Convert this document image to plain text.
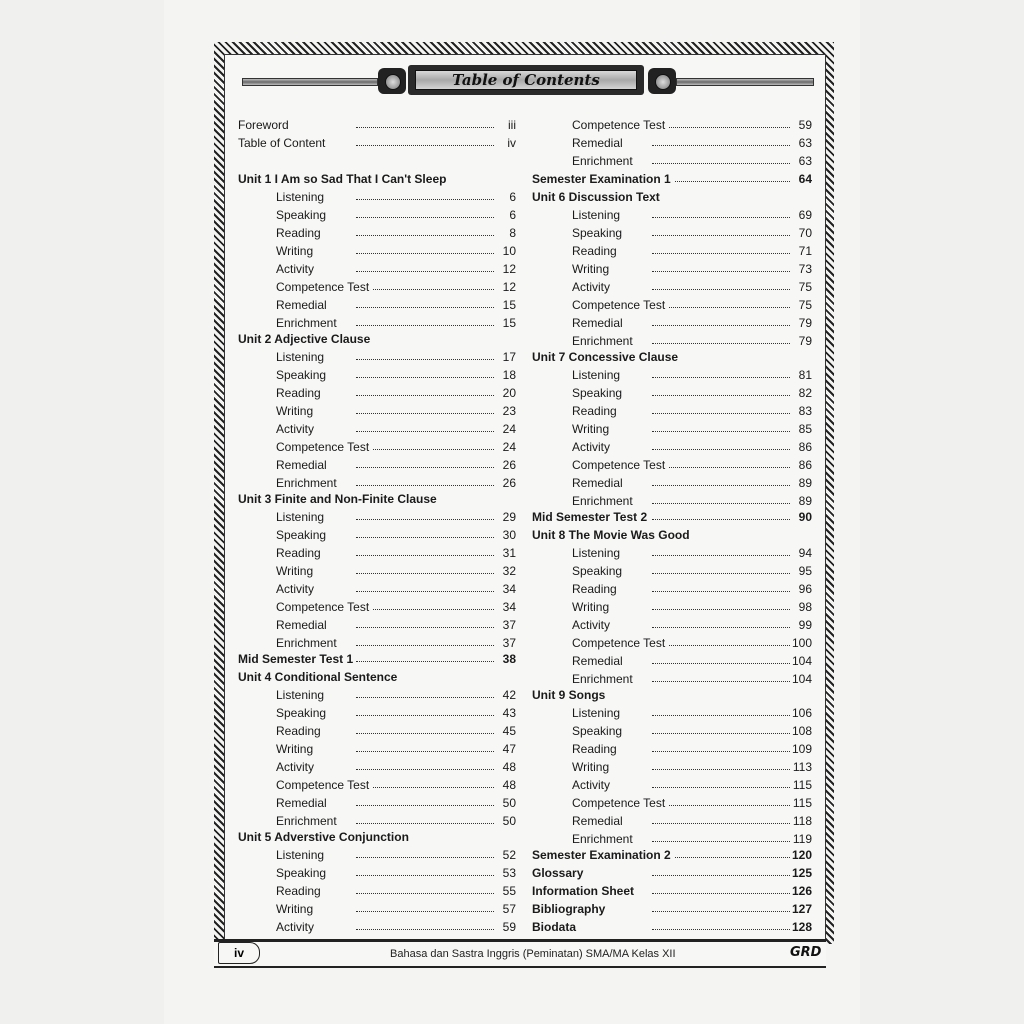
Table of Contents
Foreword	iii
Table of Content	iv
Unit 1 I Am so Sad That I Can't Sleep
Listening	6
Speaking	6
Reading	8
Writing	10
Activity	12
Competence Test	12
Remedial	15
Enrichment	15
Unit 2 Adjective Clause
Listening	17
Speaking	18
Reading	20
Writing	23
Activity	24
Competence Test	24
Remedial	26
Enrichment	26
Unit 3 Finite and Non-Finite Clause
Listening	29
Speaking	30
Reading	31
Writing	32
Activity	34
Competence Test	34
Remedial	37
Enrichment	37
Mid Semester Test 1	38
Unit 4 Conditional Sentence
Listening	42
Speaking	43
Reading	45
Writing	47
Activity	48
Competence Test	48
Remedial	50
Enrichment	50
Unit 5 Adverstive Conjunction
Listening	52
Speaking	53
Reading	55
Writing	57
Activity	59
Competence Test	59
Remedial	63
Enrichment	63
Semester Examination 1	64
Unit 6 Discussion Text
Listening	69
Speaking	70
Reading	71
Writing	73
Activity	75
Competence Test	75
Remedial	79
Enrichment	79
Unit 7 Concessive Clause
Listening	81
Speaking	82
Reading	83
Writing	85
Activity	86
Competence Test	86
Remedial	89
Enrichment	89
Mid Semester Test 2	90
Unit 8 The Movie Was Good
Listening	94
Speaking	95
Reading	96
Writing	98
Activity	99
Competence Test	100
Remedial	104
Enrichment	104
Unit 9 Songs
Listening	106
Speaking	108
Reading	109
Writing	113
Activity	115
Competence Test	115
Remedial	118
Enrichment	119
Semester Examination 2	120
Glossary	125
Information Sheet	126
Bibliography	127
Biodata	128
iv	Bahasa dan Sastra Inggris (Peminatan) SMA/MA Kelas XII	GRD
